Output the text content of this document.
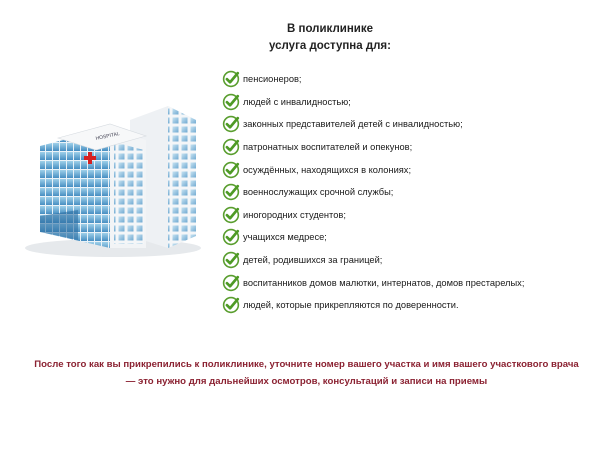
В поликлинике
услуга доступна для:
HOSPITAL
пенсионеров;
людей с инвалидностью;
законных представителей детей с инвалидностью;
патронатных воспитателей и опекунов;
осуждённых, находящихся в колониях;
военнослужащих срочной службы;
иногородних студентов;
учащихся медресе;
детей, родившихся за границей;
воспитанников домов малютки, интернатов, домов престарелых;
людей, которые прикрепляются по доверенности.
После того как вы прикрепились к поликлинике, уточните номер вашего участка и имя вашего участкового врача
— это нужно для дальнейших осмотров, консультаций и записи на приемы
